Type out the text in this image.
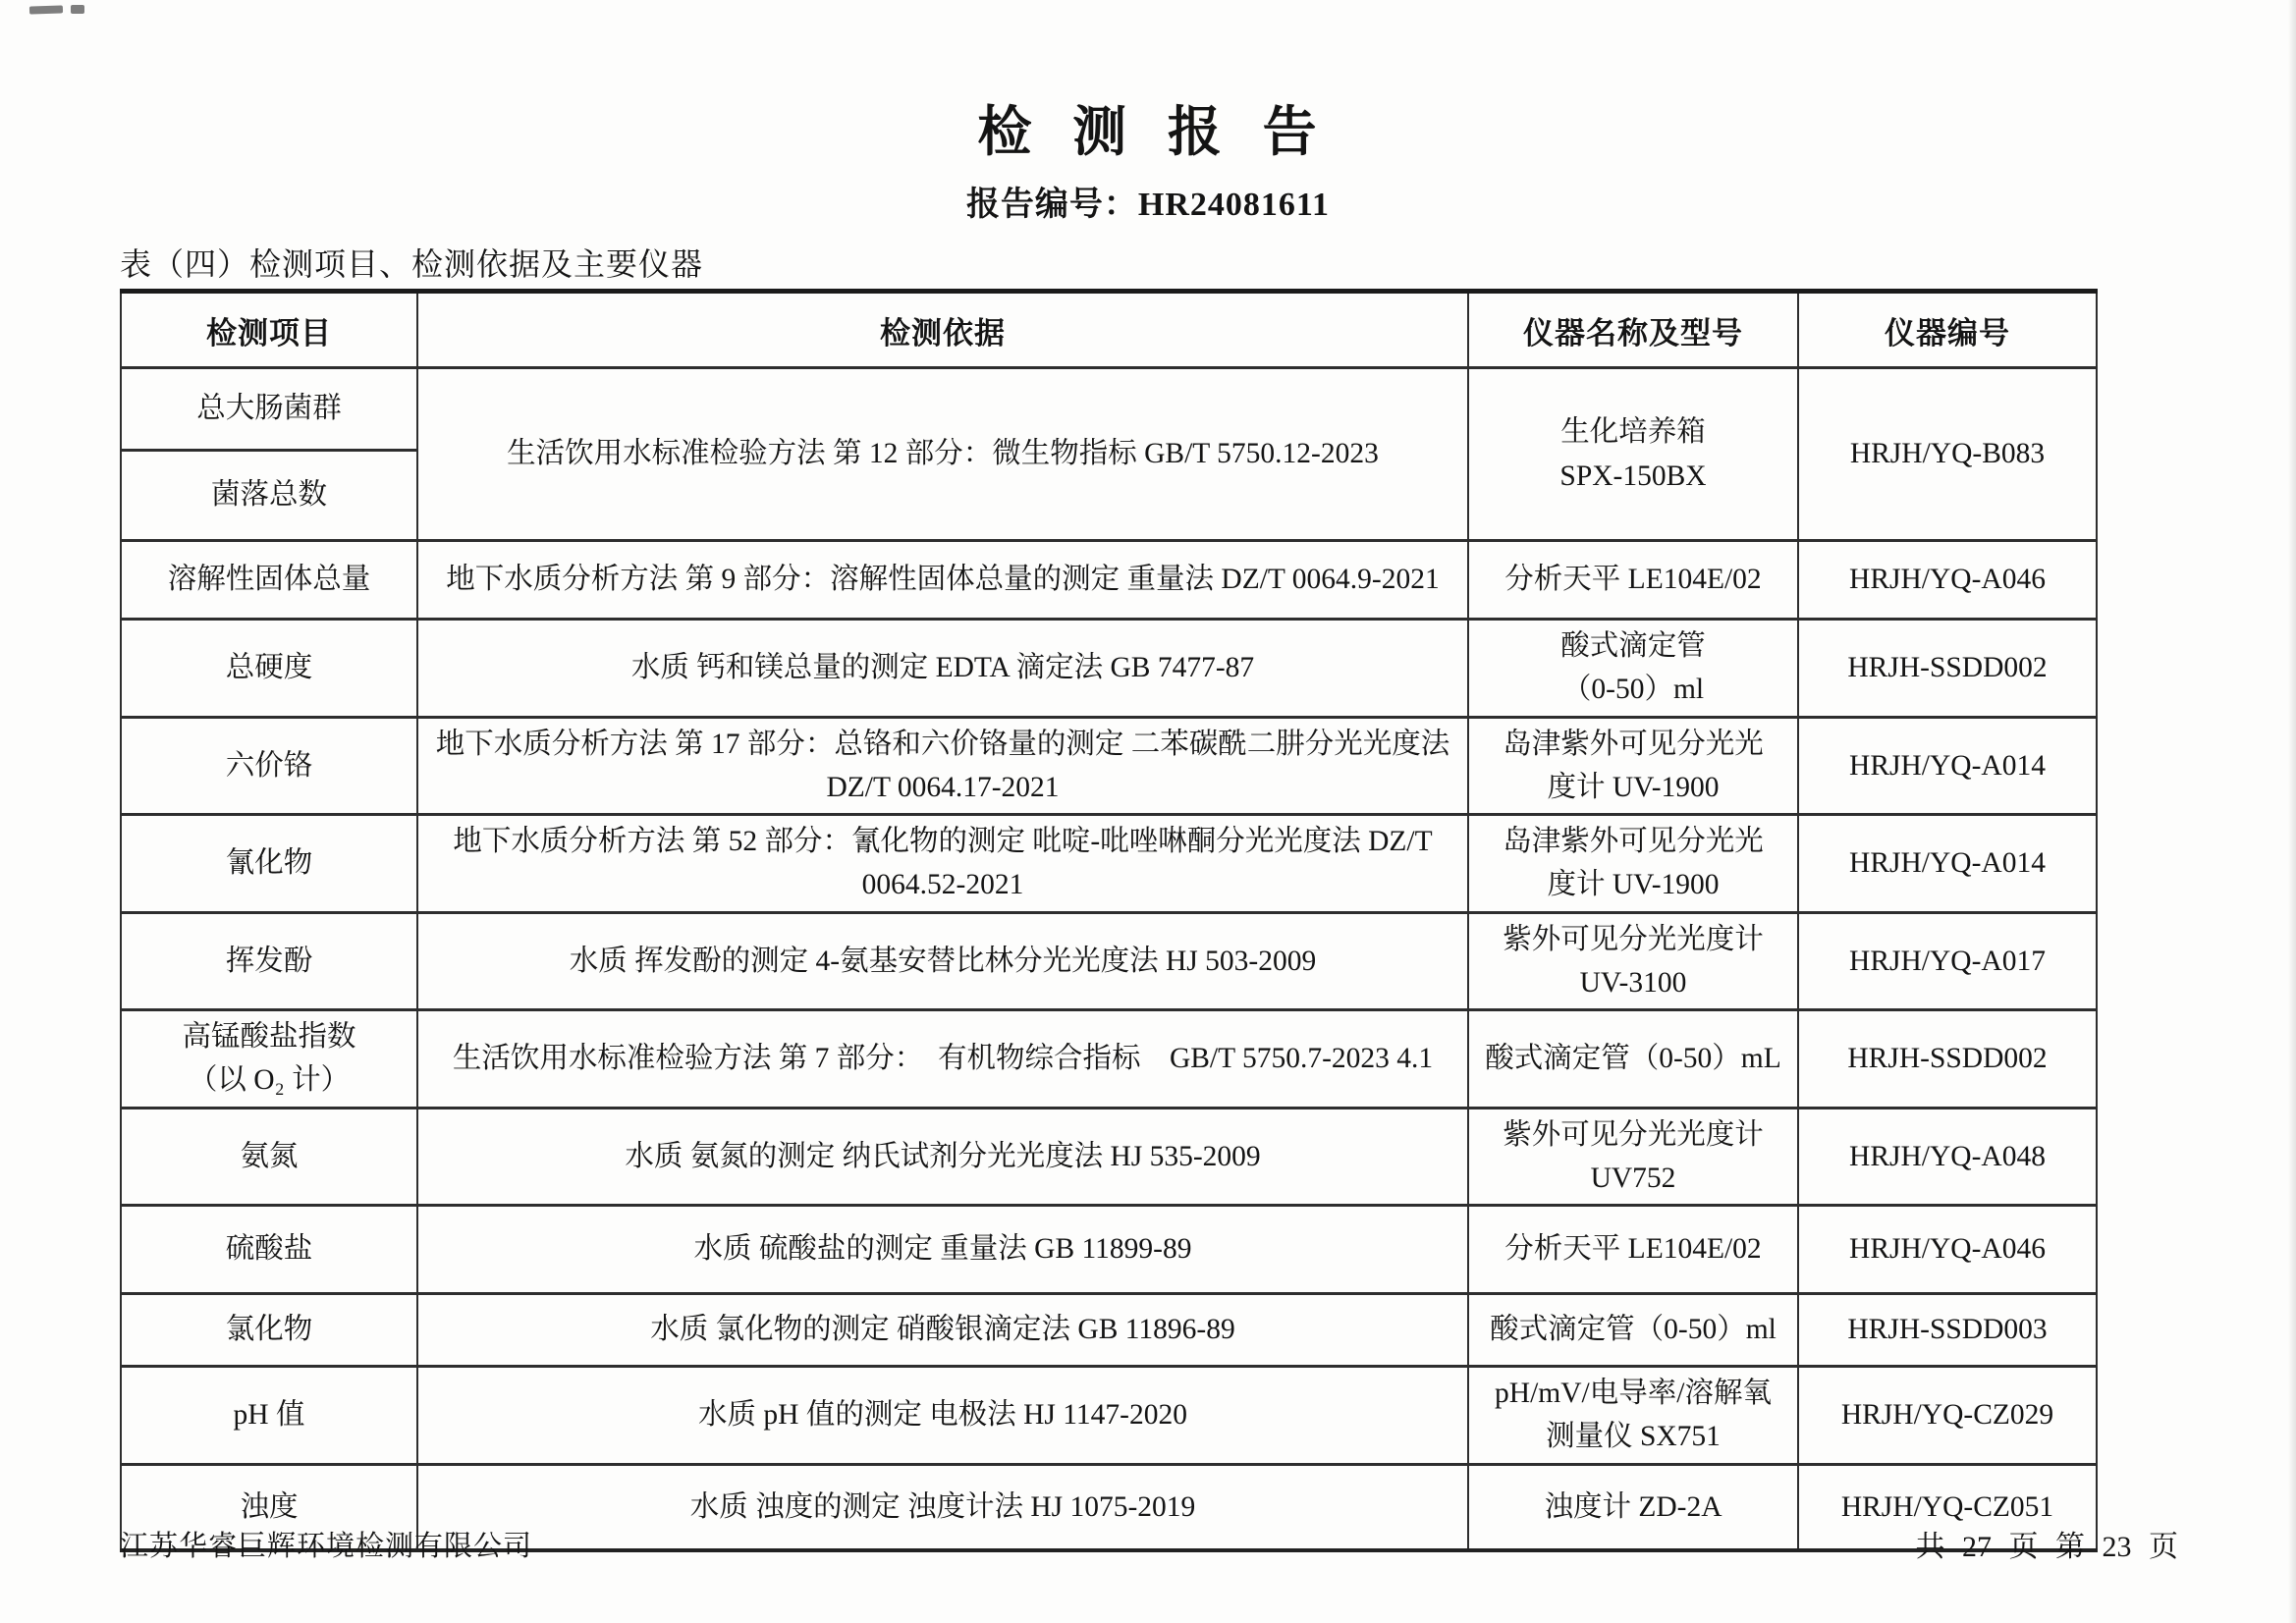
检 测 报 告
报告编号：HR24081611
表（四）检测项目、检测依据及主要仪器
检测项目	检测依据	仪器名称及型号	仪器编号

总大肠菌群	生活饮用水标准检验方法 第 12 部分：微生物指标 GB/T 5750.12-2023	生化培养箱
SPX-150BX	HRJH/YQ-B083

菌落总数			

溶解性固体总量	地下水质分析方法 第 9 部分：溶解性固体总量的测定 重量法 DZ/T 0064.9-2021	分析天平 LE104E/02	HRJH/YQ-A046

总硬度	水质 钙和镁总量的测定 EDTA 滴定法 GB 7477-87	酸式滴定管
（0-50）ml	HRJH-SSDD002

六价铬	地下水质分析方法 第 17 部分：总铬和六价铬量的测定 二苯碳酰二肼分光光度法 DZ/T 0064.17-2021	岛津紫外可见分光光
度计 UV-1900	HRJH/YQ-A014

氰化物	地下水质分析方法 第 52 部分：氰化物的测定 吡啶-吡唑啉酮分光光度法 DZ/T 0064.52-2021	岛津紫外可见分光光
度计 UV-1900	HRJH/YQ-A014

挥发酚	水质 挥发酚的测定 4-氨基安替比林分光光度法 HJ 503-2009	紫外可见分光光度计
UV-3100	HRJH/YQ-A017

高锰酸盐指数
（以 O₂ 计）	生活饮用水标准检验方法 第 7 部分：　有机物综合指标　GB/T 5750.7-2023 4.1	酸式滴定管（0-50）mL	HRJH-SSDD002

氨氮	水质 氨氮的测定 纳氏试剂分光光度法 HJ 535-2009	紫外可见分光光度计
UV752	HRJH/YQ-A048

硫酸盐	水质 硫酸盐的测定 重量法 GB 11899-89	分析天平 LE104E/02	HRJH/YQ-A046

氯化物	水质 氯化物的测定 硝酸银滴定法 GB 11896-89	酸式滴定管（0-50）ml	HRJH-SSDD003

pH 值	水质 pH 值的测定 电极法 HJ 1147-2020	pH/mV/电导率/溶解氧
测量仪 SX751	HRJH/YQ-CZ029

浊度	水质 浊度的测定 浊度计法 HJ 1075-2019	浊度计 ZD-2A	HRJH/YQ-CZ051
江苏华睿巨辉环境检测有限公司	共 27 页 第 23 页
